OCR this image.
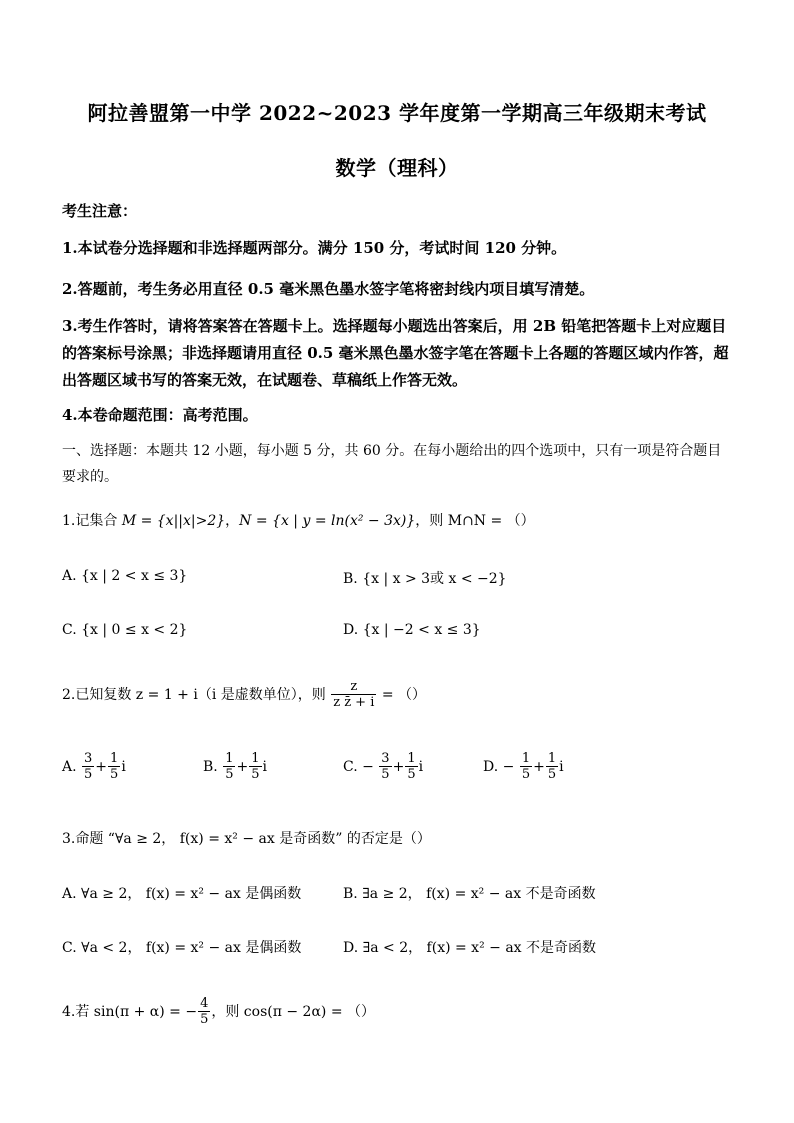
阿拉善盟第一中学 2022~2023 学年度第一学期高三年级期末考试
数学（理科）
考生注意：
1.本试卷分选择题和非选择题两部分。满分 150 分，考试时间 120 分钟。
2.答题前，考生务必用直径 0.5 毫米黑色墨水签字笔将密封线内项目填写清楚。
3.考生作答时，请将答案答在答题卡上。选择题每小题选出答案后，用 2B 铅笔把答题卡上对应题目的答案标号涂黑；非选择题请用直径 0.5 毫米黑色墨水签字笔在答题卡上各题的答题区域内作答，超出答题区域书写的答案无效，在试题卷、草稿纸上作答无效。
4.本卷命题范围：高考范围。
一、选择题：本题共 12 小题，每小题 5 分，共 60 分。在每小题给出的四个选项中，只有一项是符合题目要求的。
1.记集合 M = {x||x|>2}，N = {x | y = ln(x² − 3x)}，则 M∩N = （）
A. {x | 2 < x ≤ 3}	B. {x | x > 3或 x < −2}
C. {x | 0 ≤ x < 2}	D. {x | −2 < x ≤ 3}
2.已知复数 z = 1 + i（i 是虚数单位），则 $\frac{z}{\text{z z̄ + i}}$ = （）
A. $\frac{3}{5} + \frac{1}{5}$ i	B. $\frac{1}{5} + \frac{1}{5}$ i	C. − $\frac{3}{5} + \frac{1}{5}$ i	D. − $\frac{1}{5} + \frac{1}{5}$ i
3.命题 “∀a ≥ 2， f(x) = x² − ax 是奇函数” 的否定是（）
A. ∀a ≥ 2， f(x) = x² − ax 是偶函数	B. ∃a ≥ 2， f(x) = x² − ax 不是奇函数
C. ∀a < 2， f(x) = x² − ax 是偶函数	D. ∃a < 2， f(x) = x² − ax 不是奇函数
4.若 sin(π + α) = − $\frac{4}{5}$ ，则 cos(π − 2α) = （）
